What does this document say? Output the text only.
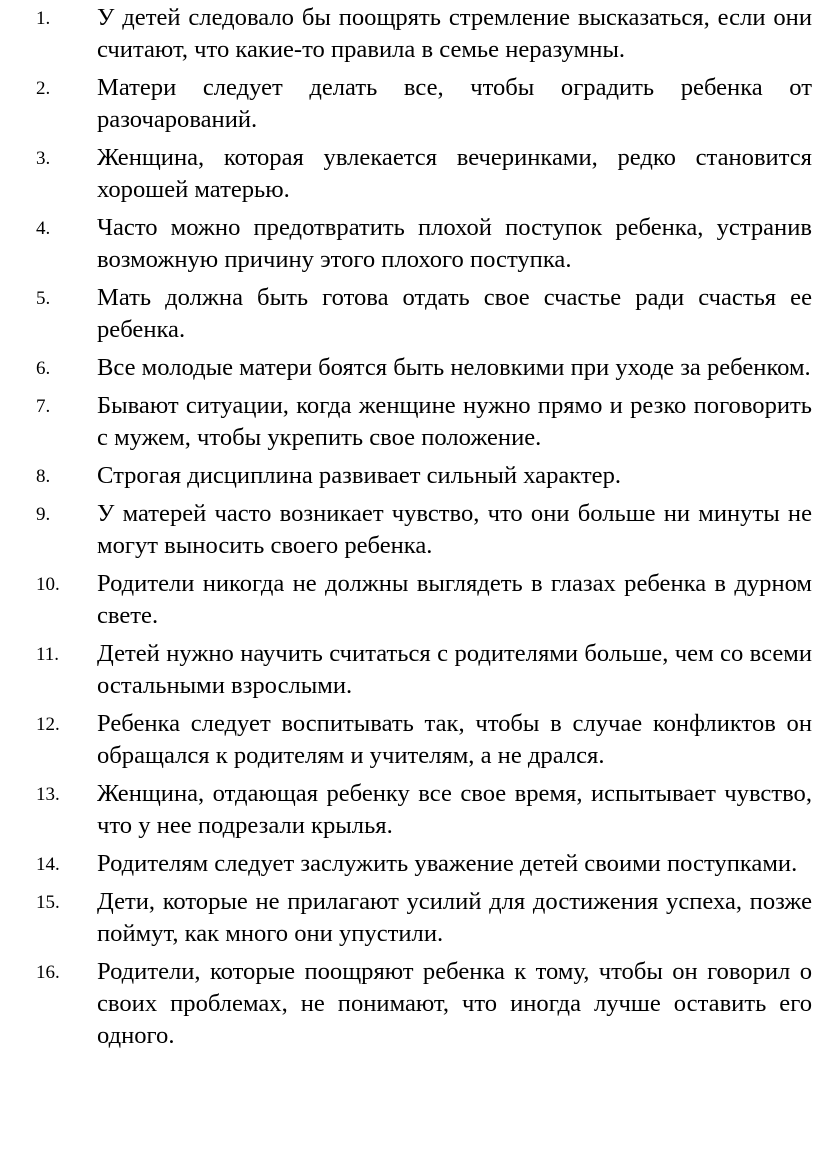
1. У детей следовало бы поощрять стремление высказаться, если они считают, что какие-то правила в семье неразумны.
2. Матери следует делать все, чтобы оградить ребенка от разочарований.
3. Женщина, которая увлекается вечеринками, редко становится хорошей матерью.
4. Часто можно предотвратить плохой поступок ребенка, устранив возможную причину этого плохого поступка.
5. Мать должна быть готова отдать свое счастье ради счастья ее ребенка.
6. Все молодые матери боятся быть неловкими при уходе за ребенком.
7. Бывают ситуации, когда женщине нужно прямо и резко поговорить с мужем, чтобы укрепить свое положение.
8. Строгая дисциплина развивает сильный характер.
9. У матерей часто возникает чувство, что они больше ни минуты не могут выносить своего ребенка.
10. Родители никогда не должны выглядеть в глазах ребенка в дурном свете.
11. Детей нужно научить считаться с родителями больше, чем со всеми остальными взрослыми.
12. Ребенка следует воспитывать так, чтобы в случае конфликтов он обращался к родителям и учителям, а не дрался.
13. Женщина, отдающая ребенку все свое время, испытывает чувство, что у нее подрезали крылья.
14. Родителям следует заслужить уважение детей своими поступками.
15. Дети, которые не прилагают усилий для достижения успеха, позже поймут, как много они упустили.
16. Родители, которые поощряют ребенка к тому, чтобы он говорил о своих проблемах, не понимают, что иногда лучше оставить его одного.
